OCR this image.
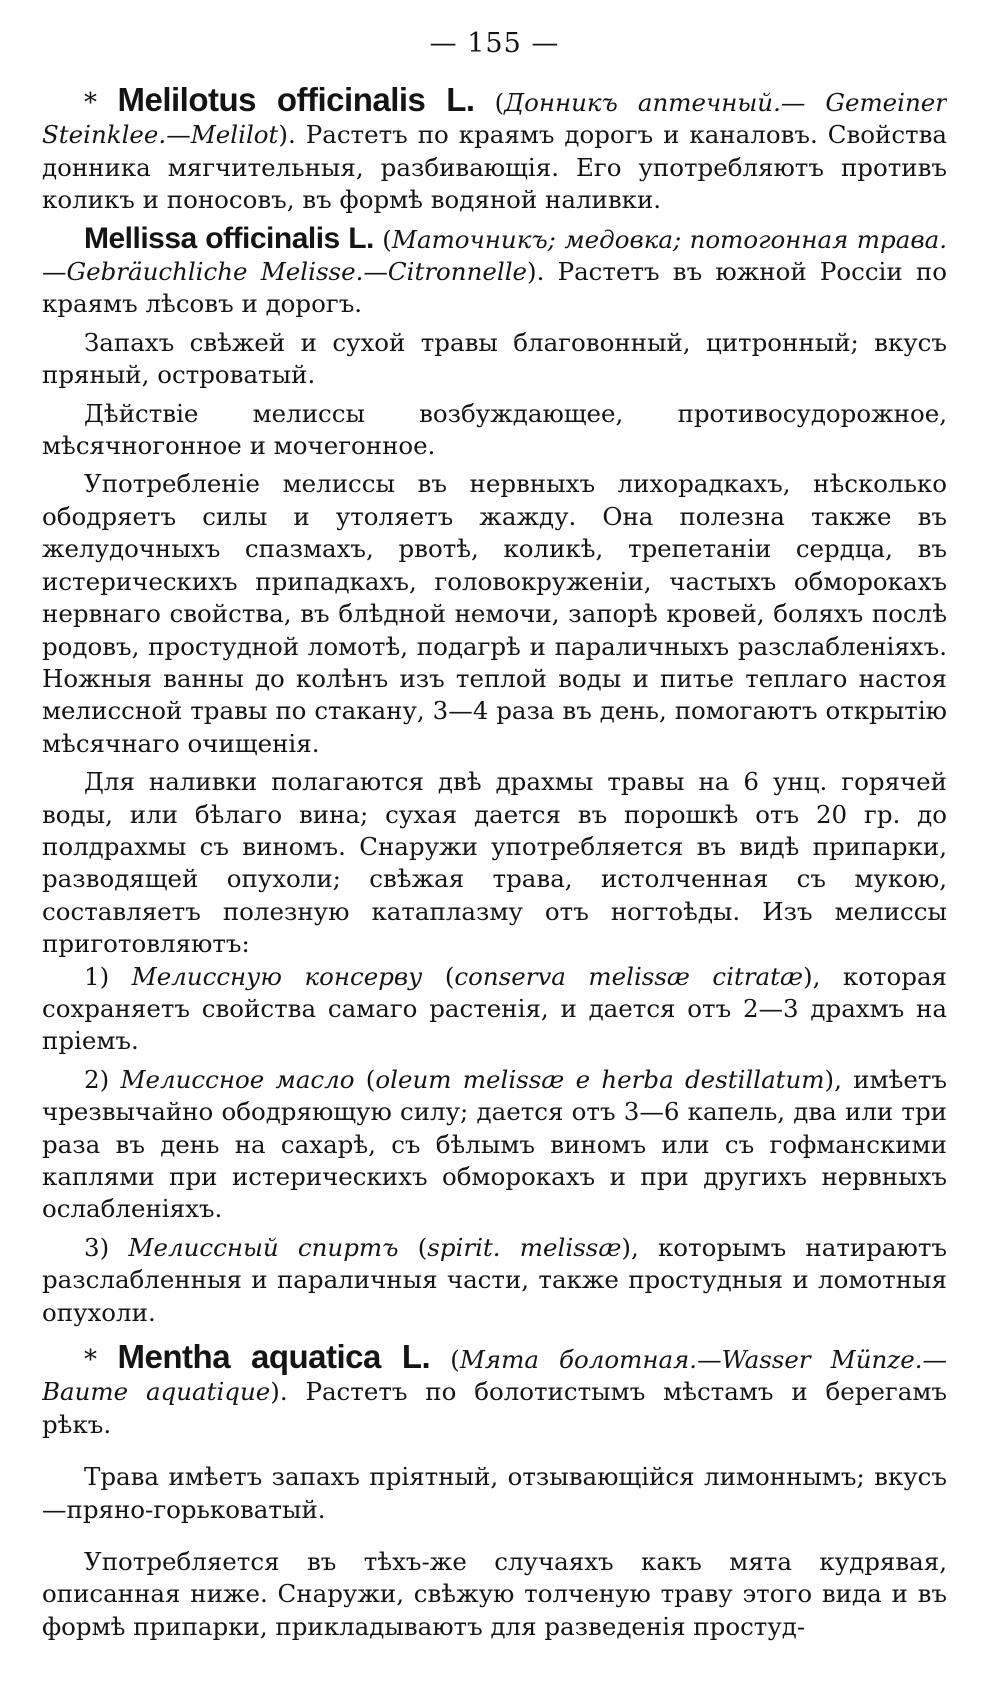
— 155 —

* Melilotus officinalis L. (Донникъ аптечный.— Gemeiner Steinklee.—Melilot). Растетъ по краямъ дорогъ и каналовъ. Свойства донника мягчительныя, разбивающія. Его употребляютъ противъ коликъ и поносовъ, въ формѣ водяной наливки.

Mellissa officinalis L. (Маточникъ; медовка; потогонная трава.—Gebräuchliche Melisse.—Citronnelle). Растетъ въ южной Россіи по краямъ лѣсовъ и дорогъ.

Запахъ свѣжей и сухой травы благовонный, цитронный; вкусъ пряный, островатый.

Дѣйствіе мелиссы возбуждающее, противосудорожное, мѣсячногонное и мочегонное.

Употребленіе мелиссы въ нервныхъ лихорадкахъ, нѣсколько ободряетъ силы и утоляетъ жажду. Она полезна также въ желудочныхъ спазмахъ, рвотѣ, коликѣ, трепетаніи сердца, въ истерическихъ припадкахъ, головокруженіи, частыхъ обморокахъ нервнаго свойства, въ блѣдной немочи, запорѣ кровей, боляхъ послѣ родовъ, простудной ломотѣ, подагрѣ и параличныхъ разслабленіяхъ. Ножныя ванны до колѣнъ изъ теплой воды и питье теплаго настоя мелиссной травы по стакану, 3—4 раза въ день, помогаютъ открытію мѣсячнаго очищенія.

Для наливки полагаются двѣ драхмы травы на 6 унц. горячей воды, или бѣлаго вина; сухая дается въ порошкѣ отъ 20 гр. до полдрахмы съ виномъ. Снаружи употребляется въ видѣ припарки, разводящей опухоли; свѣжая трава, истолченная съ мукою, составляетъ полезную катаплазму отъ ногтоѣды. Изъ мелиссы приготовляютъ:

1) Мелиссную консерву (conserva melissæ citratæ), которая сохраняетъ свойства самаго растенія, и дается отъ 2—3 драхмъ на пріемъ.

2) Мелиссное масло (oleum melissæ e herba destillatum), имѣетъ чрезвычайно ободряющую силу; дается отъ 3—6 капель, два или три раза въ день на сахарѣ, съ бѣлымъ виномъ или съ гофманскими каплями при истерическихъ обморокахъ и при другихъ нервныхъ ослабленіяхъ.

3) Мелиссный спиртъ (spirit. melissæ), которымъ натираютъ разслабленныя и параличныя части, также простудныя и ломотныя опухоли.

* Mentha aquatica L. (Мята болотная.—Wasser Münze.—Baume aquatique). Растетъ по болотистымъ мѣстамъ и берегамъ рѣкъ.

Трава имѣетъ запахъ пріятный, отзывающійся лимоннымъ; вкусъ—пряно-горьковатый.

Употребляется въ тѣхъ-же случаяхъ какъ мята кудрявая, описанная ниже. Снаружи, свѣжую толченую траву этого вида и въ формѣ припарки, прикладываютъ для разведенія простуд-
